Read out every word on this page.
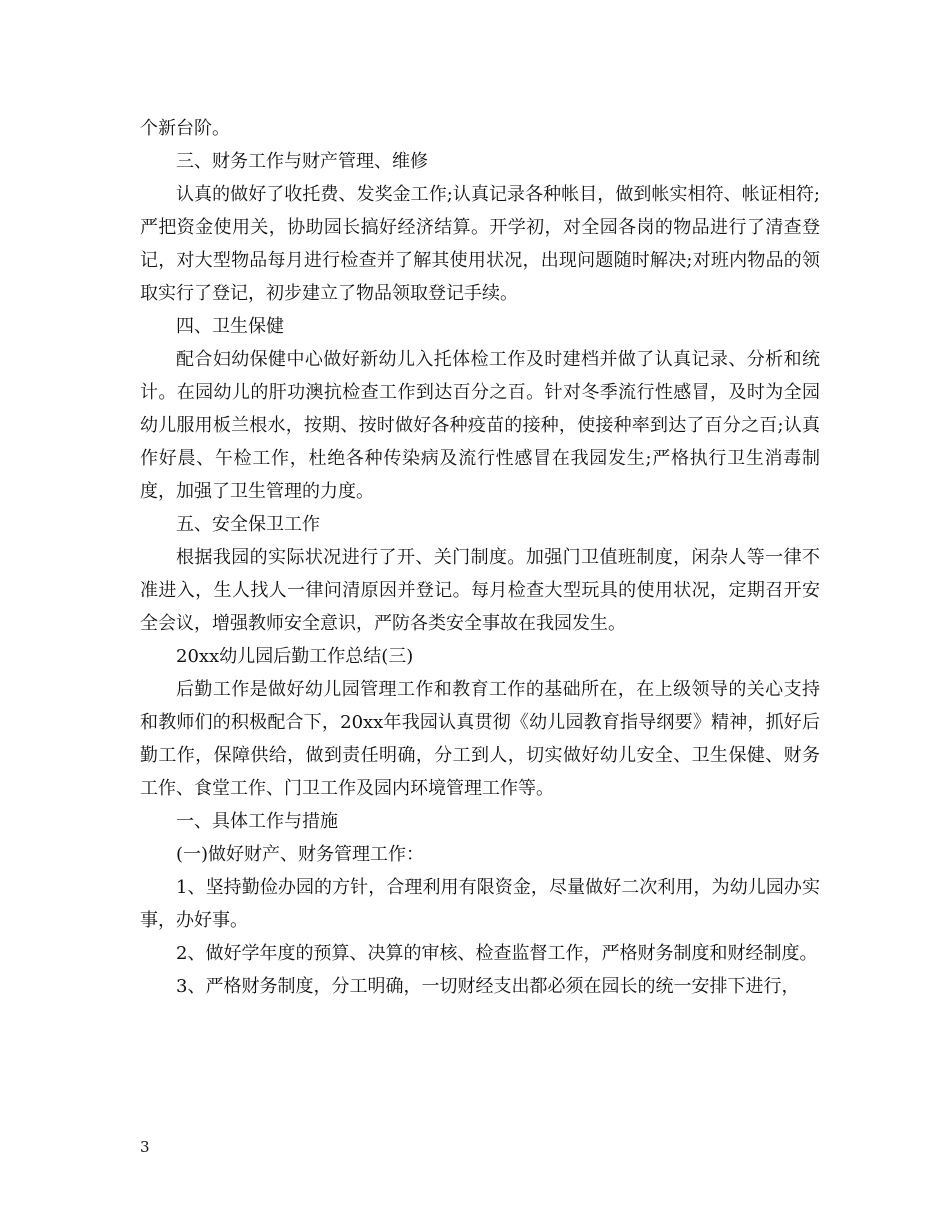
个新台阶。

三、财务工作与财产管理、维修

认真的做好了收托费、发奖金工作;认真记录各种帐目，做到帐实相符、帐证相符;严把资金使用关，协助园长搞好经济结算。开学初，对全园各岗的物品进行了清查登记，对大型物品每月进行检查并了解其使用状况，出现问题随时解决;对班内物品的领取实行了登记，初步建立了物品领取登记手续。

四、卫生保健

配合妇幼保健中心做好新幼儿入托体检工作及时建档并做了认真记录、分析和统计。在园幼儿的肝功澳抗检查工作到达百分之百。针对冬季流行性感冒，及时为全园幼儿服用板兰根水，按期、按时做好各种疫苗的接种，使接种率到达了百分之百;认真作好晨、午检工作，杜绝各种传染病及流行性感冒在我园发生;严格执行卫生消毒制度，加强了卫生管理的力度。

五、安全保卫工作

根据我园的实际状况进行了开、关门制度。加强门卫值班制度，闲杂人等一律不准进入，生人找人一律问清原因并登记。每月检查大型玩具的使用状况，定期召开安全会议，增强教师安全意识，严防各类安全事故在我园发生。

20xx幼儿园后勤工作总结(三)

后勤工作是做好幼儿园管理工作和教育工作的基础所在，在上级领导的关心支持和教师们的积极配合下，20xx年我园认真贯彻《幼儿园教育指导纲要》精神，抓好后勤工作，保障供给，做到责任明确，分工到人，切实做好幼儿安全、卫生保健、财务工作、食堂工作、门卫工作及园内环境管理工作等。

一、具体工作与措施

(一)做好财产、财务管理工作：

1、坚持勤俭办园的方针，合理利用有限资金，尽量做好二次利用，为幼儿园办实事，办好事。

2、做好学年度的预算、决算的审核、检查监督工作，严格财务制度和财经制度。

3、严格财务制度，分工明确，一切财经支出都必须在园长的统一安排下进行，

3
